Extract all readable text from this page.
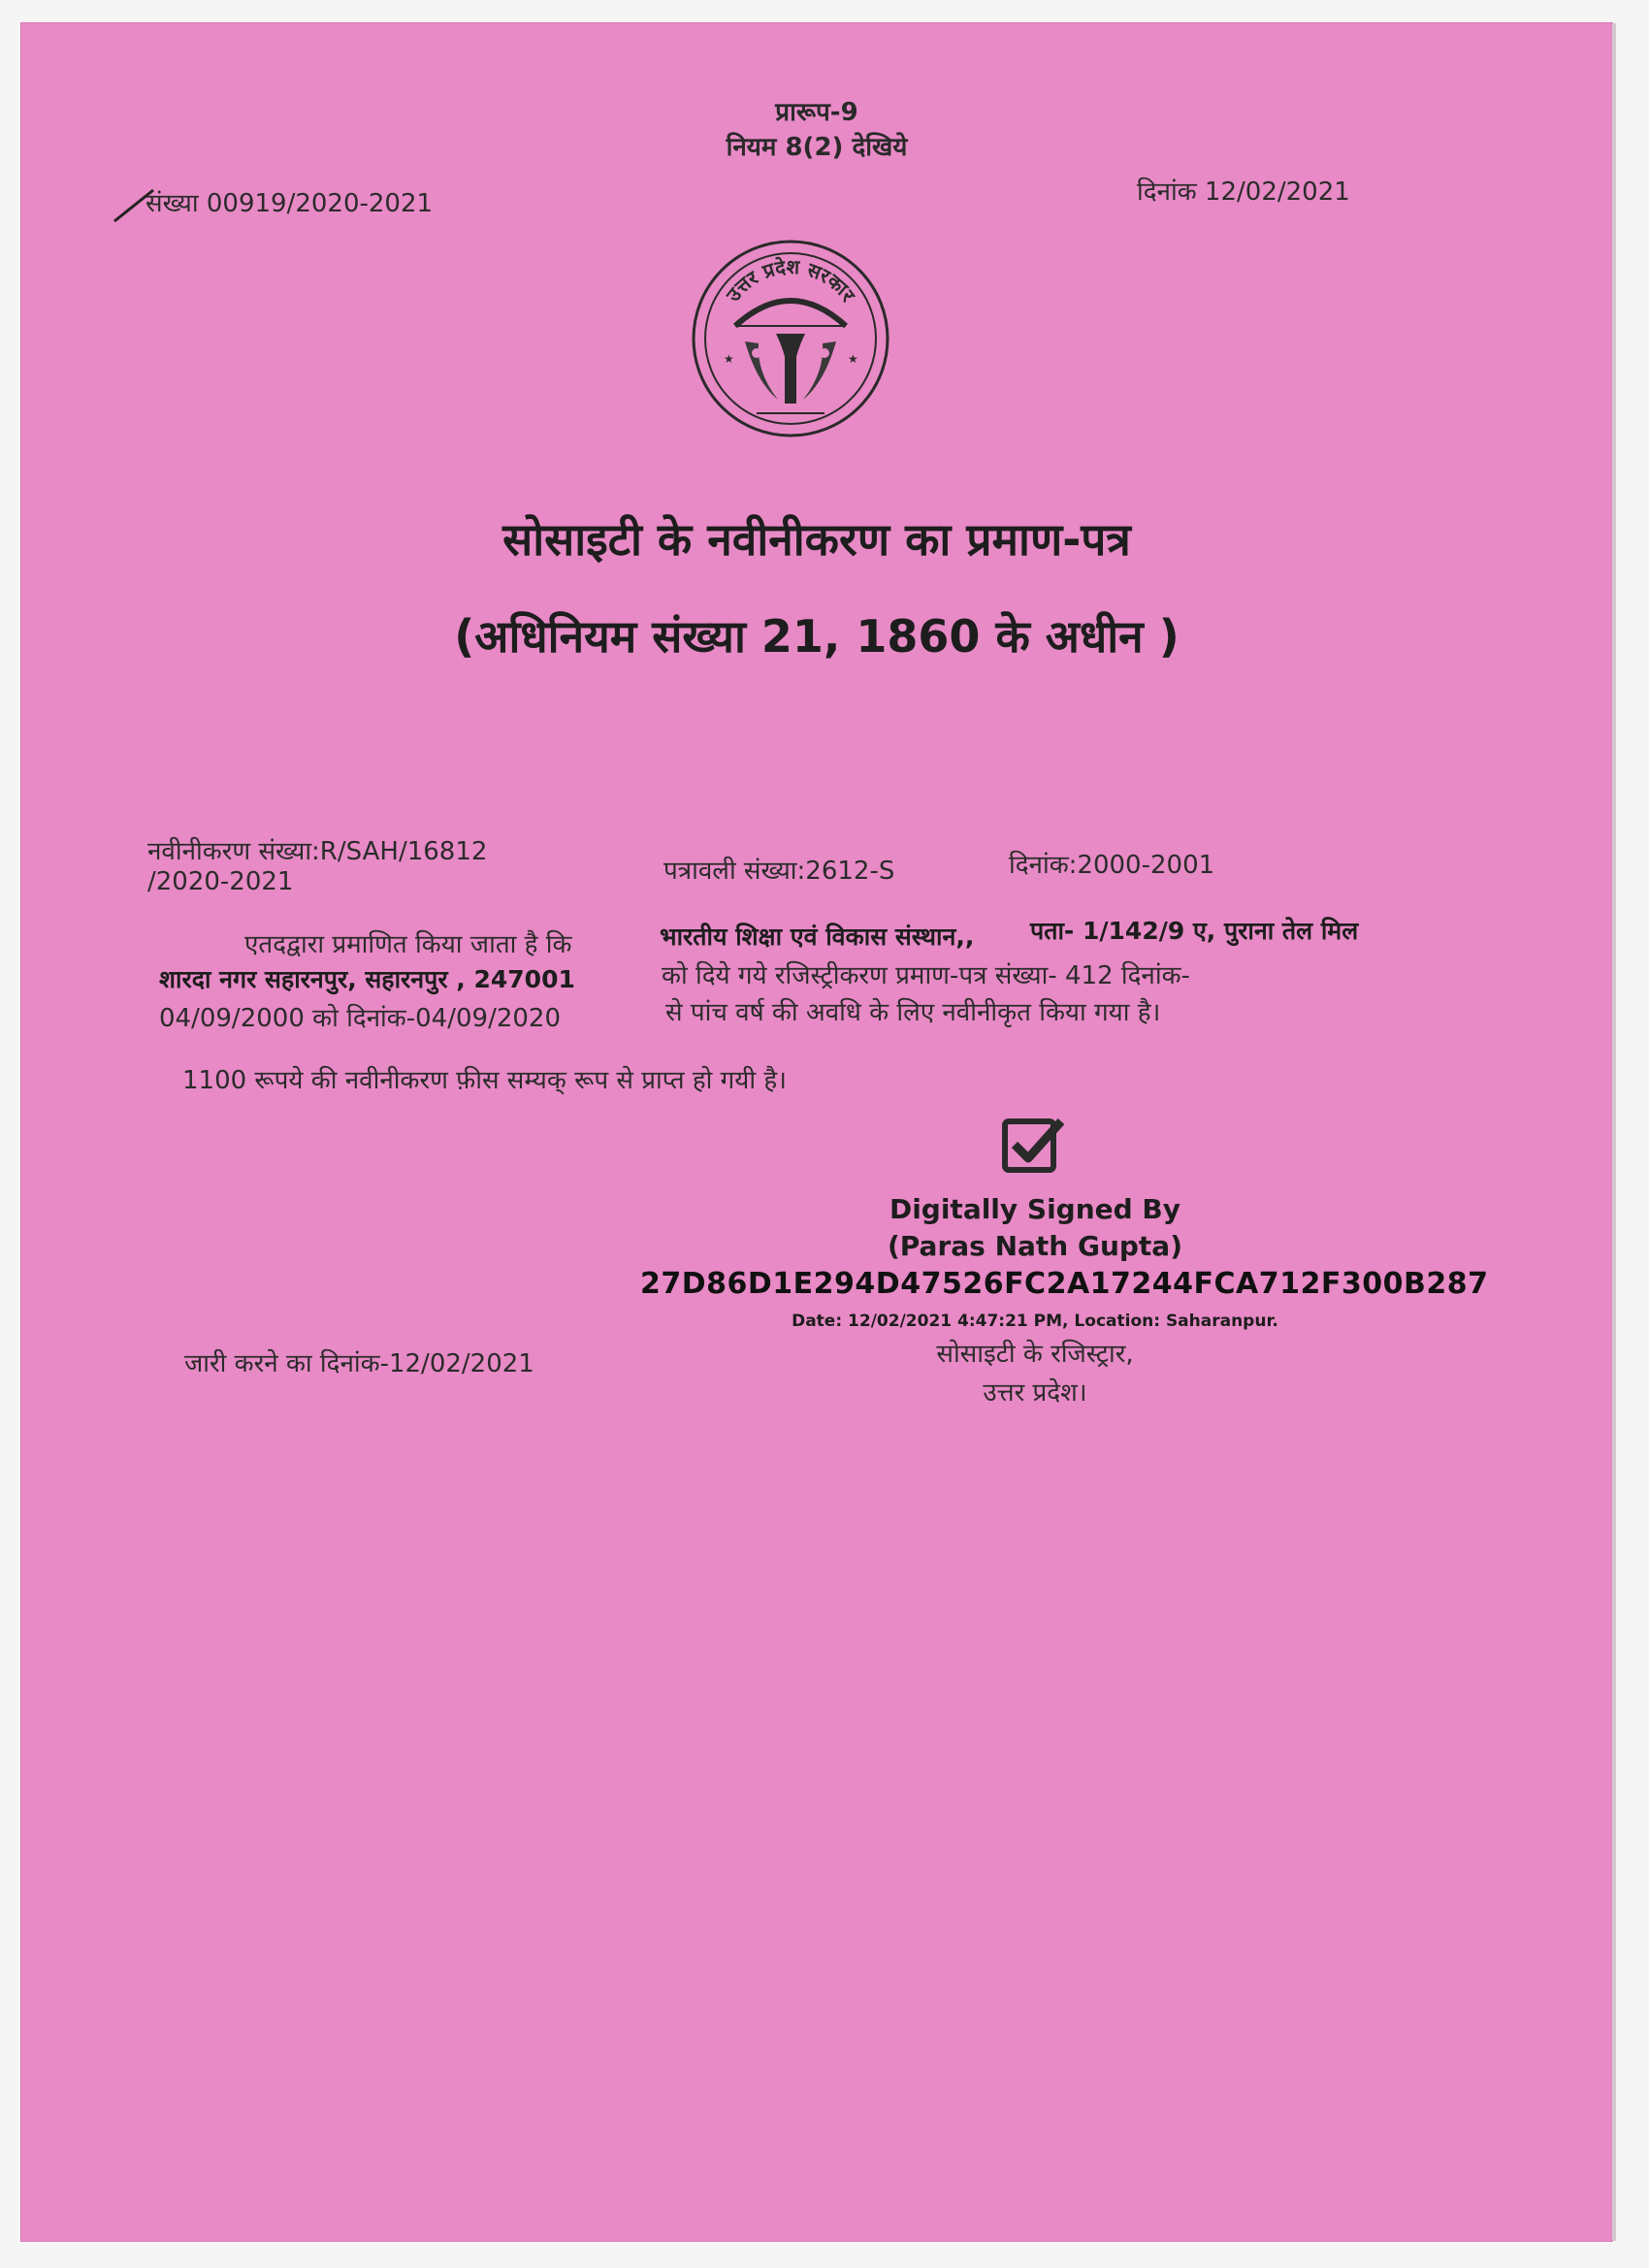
प्रारूप-9
नियम 8(2) देखिये
संख्या 00919/2020-2021	दिनांक 12/02/2021
उत्तर प्रदेश सरकार
★	★
सोसाइटी के नवीनीकरण का प्रमाण-पत्र
(अधिनियम संख्या 21, 1860 के अधीन )
नवीनीकरण संख्या:R/SAH/16812
/2020-2021	पत्रावली संख्या:2612-S	दिनांक:2000-2001
एतदद्वारा प्रमाणित किया जाता है कि	भारतीय शिक्षा एवं विकास संस्थान,, पता- 1/142/9 ए, पुराना तेल मिल
शारदा नगर सहारनपुर, सहारनपुर , 247001	को दिये गये रजिस्ट्रीकरण प्रमाण-पत्र संख्या- 412 दिनांक-
04/09/2000 को दिनांक-04/09/2020	से पांच वर्ष की अवधि के लिए नवीनीकृत किया गया है।
1100 रूपये की नवीनीकरण फ़ीस सम्यक् रूप से प्राप्त हो गयी है।
Digitally Signed By
(Paras Nath Gupta)
27D86D1E294D47526FC2A17244FCA712F300B287
Date: 12/02/2021 4:47:21 PM, Location: Saharanpur.
जारी करने का दिनांक-12/02/2021	सोसाइटी के रजिस्ट्रार,
उत्तर प्रदेश।
